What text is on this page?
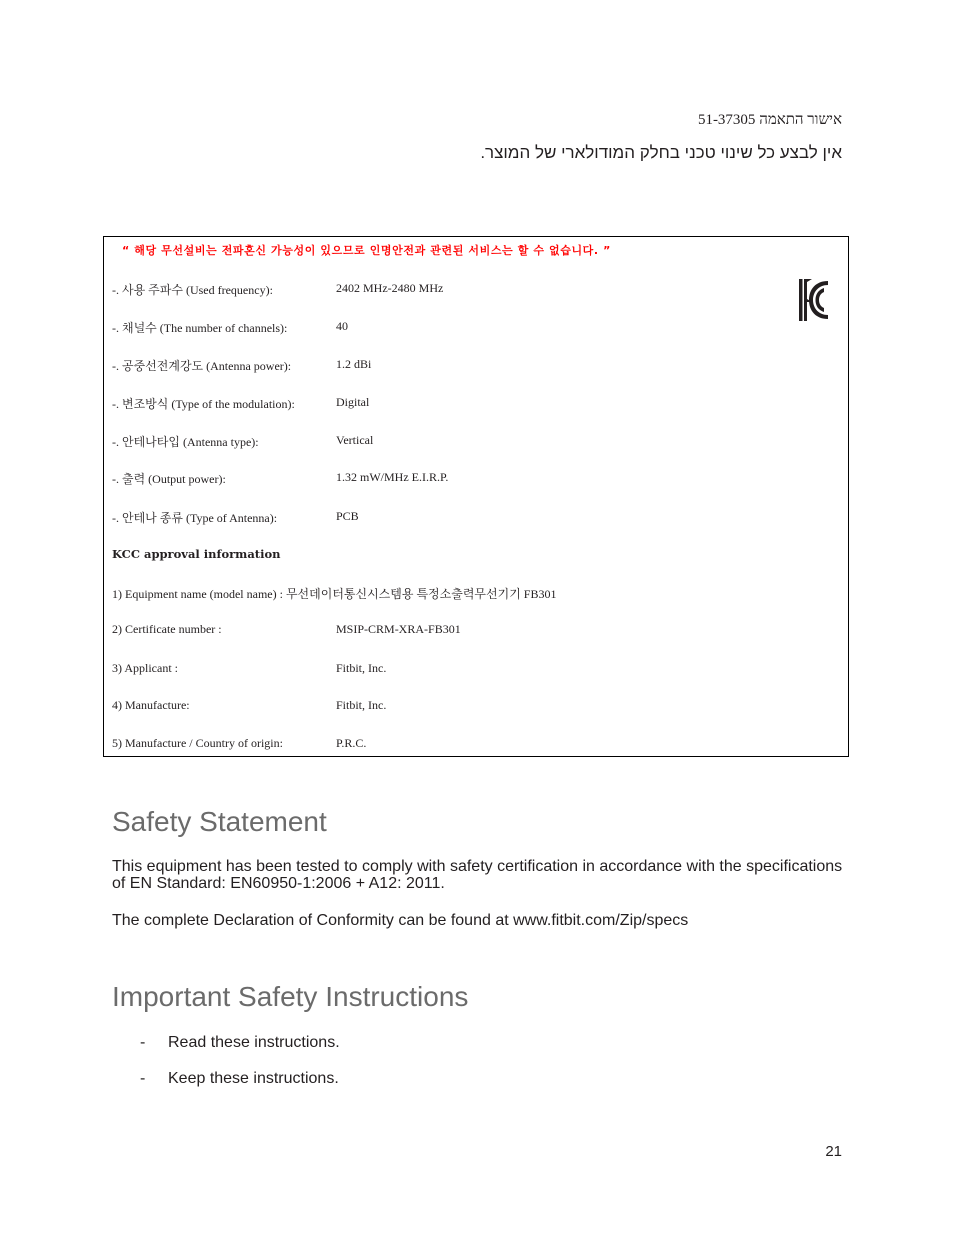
51-37305 אישור התאמה
אין לבצע כל שינוי טכני בחלק המודולארי של המוצר.
“ 해당 무선설비는 전파혼신 가능성이 있으므로 인명안전과 관련된 서비스는 할 수 없습니다. ”
-. 사용 주파수 (Used frequency):	2402 MHz-2480 MHz
-. 채널수 (The number of channels):	40
-. 공중선전계강도 (Antenna power):	1.2 dBi
-. 변조방식 (Type of the modulation):	Digital
-. 안테나타입 (Antenna type):	Vertical
-. 출력 (Output power):	1.32 mW/MHz E.I.R.P.
-. 안테나 종류 (Type of Antenna):	PCB
KCC approval information
1) Equipment name (model name) : 무선데이터통신시스템용 특정소출력무선기기 FB301
2) Certificate number :	MSIP-CRM-XRA-FB301
3) Applicant :	Fitbit, Inc.
4) Manufacture:	Fitbit, Inc.
5) Manufacture / Country of origin:	P.R.C.
Safety Statement

This equipment has been tested to comply with safety certification in accordance with the specifications of EN Standard: EN60950-1:2006 + A12: 2011.

The complete Declaration of Conformity can be found at www.fitbit.com/Zip/specs

Important Safety Instructions
- Read these instructions.
- Keep these instructions.
21
